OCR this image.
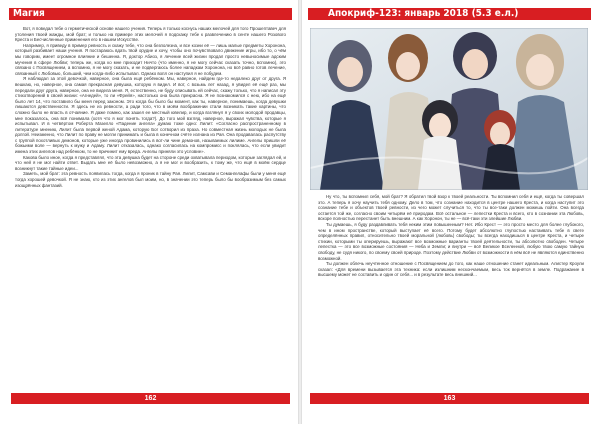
Магия

Вот, я поведал тебе о герметической основе нашего учения. Теперь я только коснусь наших мелочей для того Прошептавеч для утоления твоей жажды, мой брат; и только на примере этих мелочей я подскажу тебе к развлечению в сенте нашего Розового Креста и Бесчисленные применения его в нашем Искусстве.

Например, я приведу в пример ревность и скажу тебе, что она безполезна, и все козни её — лишь малые предметы Хоронона, который разбивает наши учения. Я постараюсь вдать твой орудие и хочу, чтобы оно почувствовало движение игры, ибо то, о чём мы говорим, имеет огромное влияние и бешенна. Я, доктор Абиоз, я лечение всей жизни продал просто невыносимые адским мучения в сфере Любви; теперь же, когда ко мне приходит Ничто (что именно, я не могу сейчас сказать точно, вспомню), это связано с Посвящением, а вспомню, я не могу сказать, и не подвергаюсь более нападкам Хоронона, но всё равно готов лечение, связанный с Любовью, больший, чем когда-либо испытывал. Однако вопл он наступил я не побудем.

Я наблюдал за этой девочкой, наверное, она была ещё ребёнком. Мы, наверное, найдем где-то недалеко друг от друга. Я вешкаю, но, наверное, она самая прекрасная девушка, которую я видел. И вот, с возьмь лет назад, я увидел её ещё раз, мы передали друг друга, наверное, она не видела меня. Я, естественно, не буду описывать ей сейчас, скажу только, что я написал эту стихотворений в своей жизни: «Агнедей», то ли «Фрейя», настолько она была прекрасна. Я не познакомился с нею, ибо на ещё было лет 14, что поставило бы меня перед законом. Это когда бы было бы момент, как ты, наверное, понимаешь, когда девушки лишаются девственности. Я здесь не из ревности, а ради того, что в моём воображении стали возникать такие картины, что сложно было не впасть в отчаяние. Я даже помню, как зашел ее местный ювелир, и когда взглянул я у своих молодой продавцы, мне показалось, она всё понимала (хотя что я мог понять тогда?). До того мой взгляд, наверное, выражал чувства, которые я испытывал. И в четвёртом Роберта Мазелло «Падение ангела» думаю тоже одно: Лилит: «Согласно распространенному в литературе мнению, Лилит была первой женой Адама, которую Бог сотворил из праха. Но совместная жизнь молодых не была долгой. Неизменно, что Лилит по праву не могли принимать и была в конечном счёте изгнана из Рая. Она продавалась распутству с группой похотливых демонов, которые уже иногда провинились в вот-ли чине демонов, называемых лилиме. Ангелы пришли её божьими воле — вернуть к мужу и Адаму. Лилит отказалась, однако согласилась на компромисс и поклялась, что если увидит имена этих ангелов над ребёнком, то не причинит ему вреда. Ангелы приняли это условие».

Какова было иное, когда я представлял, что эта девушка будет на стороне среди охватывала периодом, которые заглядал ей, и что ней я не мог найти ответ. Выдать мне её было невозможно, а я не мог и вообразить, к тому же, что ещё в моём сердце возникнут такие тайные идеи...

Заметь, мой брат: эта ревность появилась тогда, когда я проник в тайну Рая. Лилит, Самсави и Семангелафы были у меня ещё тогда хорошей девочкой. Я не знаю, кто из этих ангелов был моим, но, в значении это теперь было бы вообразимым без самых изощрённых фантазий.

162
Апокриф-123: январь 2018 (5.3 е.л.)

Ну что, ты вспомнил себя, мой брат? Я обратил твой взор к твоей реальности. Ты вспомнил себя и ещё, когда ты совершал это. А теперь я хочу научить тебя одному. Дело в том, что сознание находится в центре нашего Креста, и когда наступит это сознание тебе и объектов твоей ревности, из чего может случиться то, что ты все-таки должен можешь пойти. Она всегда остается той же, согласно своим четырём её природам. Всё остальное — лепестки Креста и всего, кто в сознании эта Любовь, вскоре полностью перестанет быть внешним. А как Хоронон, ты не — всё-таки эти злейшие Любви.

Ты думаешь, я буду раздавливать тебя неким этим повышенным? Нет. Ибо Крест — это просто место для более глубокого, чем в ином пространстве, который выступает её всего. Потому будет абсолютно глупостью настаивать тебе в свете определённых правил, относительно твоей моральной (любовь) свободы; ты всегда находишься в центре Креста, и четыре стихии, которыми ты оперируешь, выражают все возможные варианты твоей деятельности, ты абсолютно свободен. Четыре лепестка — это все возможные состояния — Неба и Земли; и внутри — всё Великое Вселенной, любую твою самую тайную свободу, не судя никого, по своему своей природе. Поэтому действие Любви от возможности в нём всё не являются единственно возможной.

Ты должен облечь неучтенное отношение с Посвящением до того, как наше отношение станет идеальным. Алистер Кроули сказал: «Для времени вызывается эта техника: если излишним нескончаемым, весь ток вернётся в земле. Подражание в высшему может не составить и один от себя... и в результате весь внешний...

163
